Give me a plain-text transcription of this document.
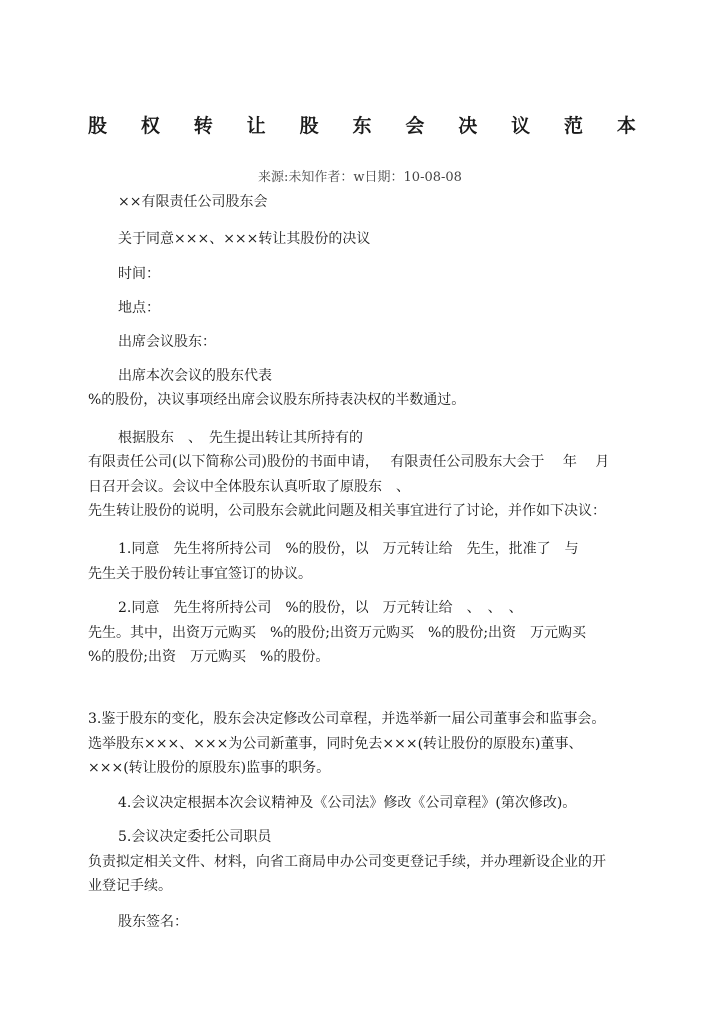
股 权 转 让 股 东 会 决 议 范 本
来源:未知作者：w日期：10-08-08
××有限责任公司股东会
关于同意×××、×××转让其股份的决议
时间：
地点：
出席会议股东：
出席本次会议的股东代表
%的股份，决议事项经出席会议股东所持表决权的半数通过。
根据股东　、　先生提出转让其所持有的
有限责任公司(以下简称公司)股份的书面申请，　 有限责任公司股东大会于　 年　 月
日召开会议。会议中全体股东认真听取了原股东　、
先生转让股份的说明，公司股东会就此问题及相关事宜进行了讨论，并作如下决议：
1.同意　先生将所持公司　%的股份，以　万元转让给　先生，批准了　与
先生关于股份转让事宜签订的协议。
2.同意　先生将所持公司　%的股份，以　万元转让给　、　、　、
先生。其中，出资万元购买　%的股份;出资万元购买　%的股份;出资　万元购买
%的股份;出资　万元购买　%的股份。
3.鉴于股东的变化，股东会决定修改公司章程，并选举新一届公司董事会和监事会。
选举股东×××、×××为公司新董事，同时免去×××(转让股份的原股东)董事、
×××(转让股份的原股东)监事的职务。
4.会议决定根据本次会议精神及《公司法》修改《公司章程》(第次修改)。
5.会议决定委托公司职员
负责拟定相关文件、材料，向省工商局申办公司变更登记手续，并办理新设企业的开
业登记手续。
股东签名：
